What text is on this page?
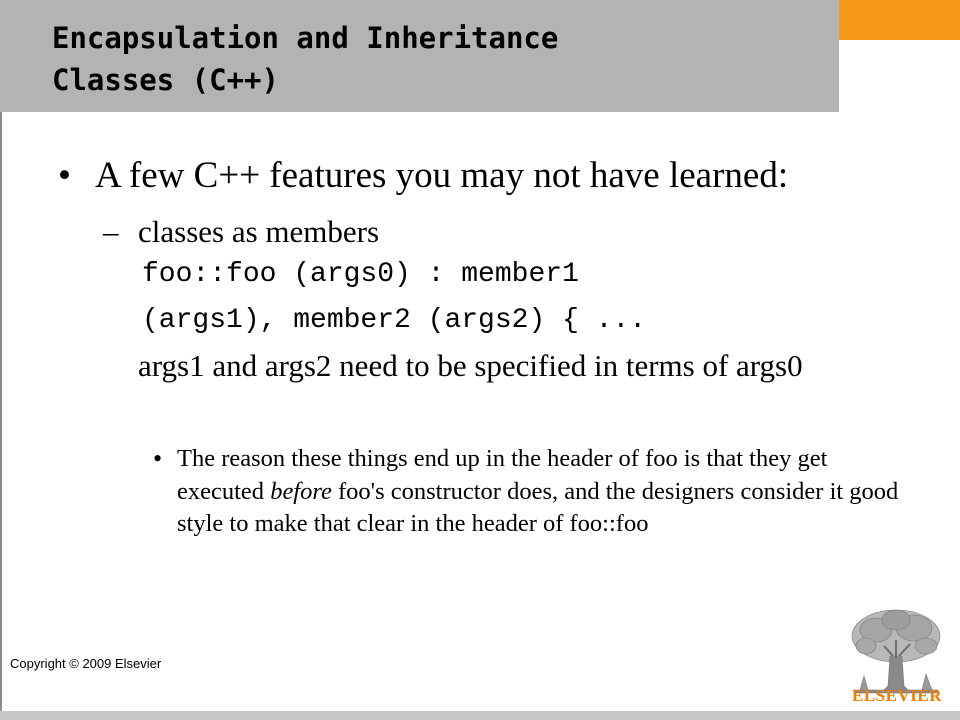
Encapsulation and Inheritance
Classes (C++)
• A few C++ features you may not have learned:
– classes as members
foo::foo (args0) : member1
(args1), member2 (args2) { ...
args1 and args2 need to be specified in terms of args0
• The reason these things end up in the header of foo is that they get executed before foo's constructor does, and the designers consider it good style to make that clear in the header of foo::foo
Copyright © 2009 Elsevier
ELSEVIER
